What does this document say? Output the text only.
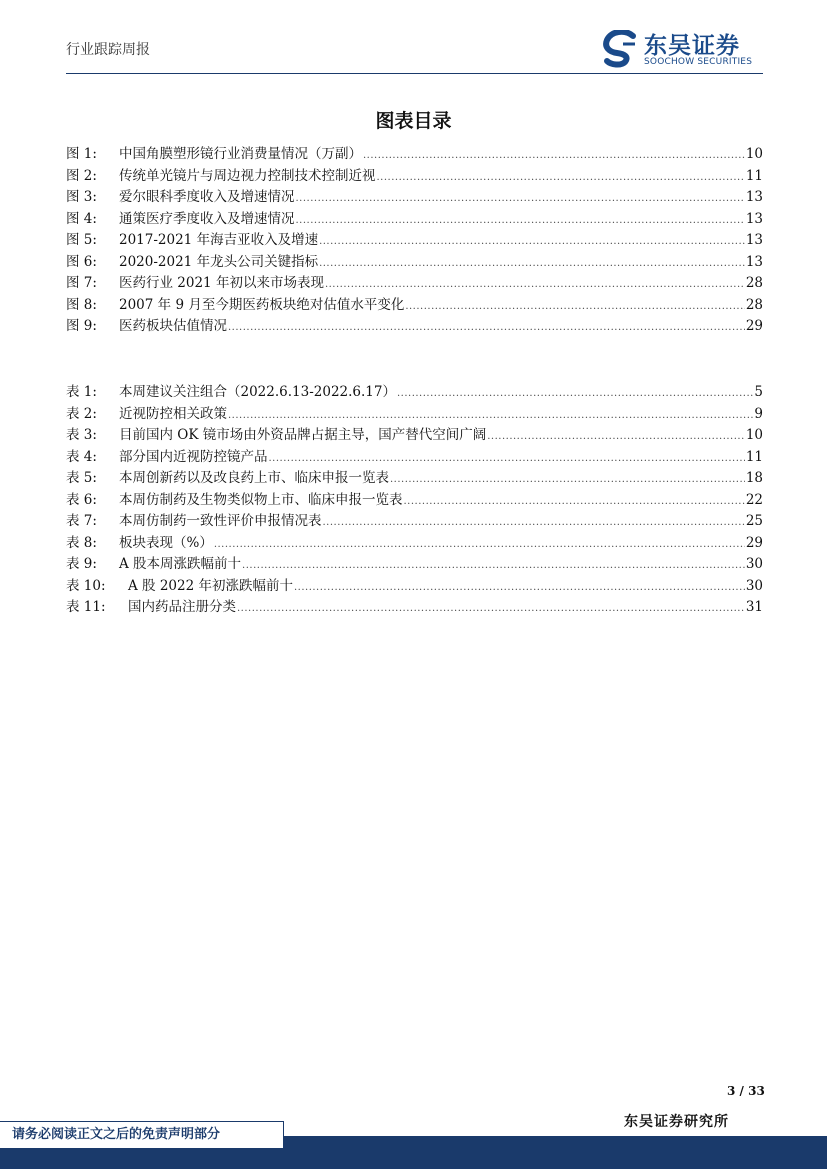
行业跟踪周报	东吴证券
SOOCHOW SECURITIES
图表目录
图 1:	中国角膜塑形镜行业消费量情况（万副） .....	10
图 2:	传统单光镜片与周边视力控制技术控制近视 .....	11
图 3:	爱尔眼科季度收入及增速情况 .....	13
图 4:	通策医疗季度收入及增速情况 .....	13
图 5:	2017-2021 年海吉亚收入及增速 .....	13
图 6:	2020-2021 年龙头公司关键指标 .....	13
图 7:	医药行业 2021 年初以来市场表现 .....	28
图 8:	2007 年 9 月至今期医药板块绝对估值水平变化 .....	28
图 9:	医药板块估值情况 .....	29
表 1:	本周建议关注组合（2022.6.13-2022.6.17） .....	5
表 2:	近视防控相关政策 .....	9
表 3:	目前国内 OK 镜市场由外资品牌占据主导，国产替代空间广阔 .....	10
表 4:	部分国内近视防控镜产品 .....	11
表 5:	本周创新药以及改良药上市、临床申报一览表 .....	18
表 6:	本周仿制药及生物类似物上市、临床申报一览表 .....	22
表 7:	本周仿制药一致性评价申报情况表 .....	25
表 8:	板块表现（%） .....	29
表 9:	A 股本周涨跌幅前十 .....	30
表 10:	A 股 2022 年初涨跌幅前十 .....	30
表 11:	国内药品注册分类 .....	31
3 / 33
东吴证券研究所
请务必阅读正文之后的免责声明部分
